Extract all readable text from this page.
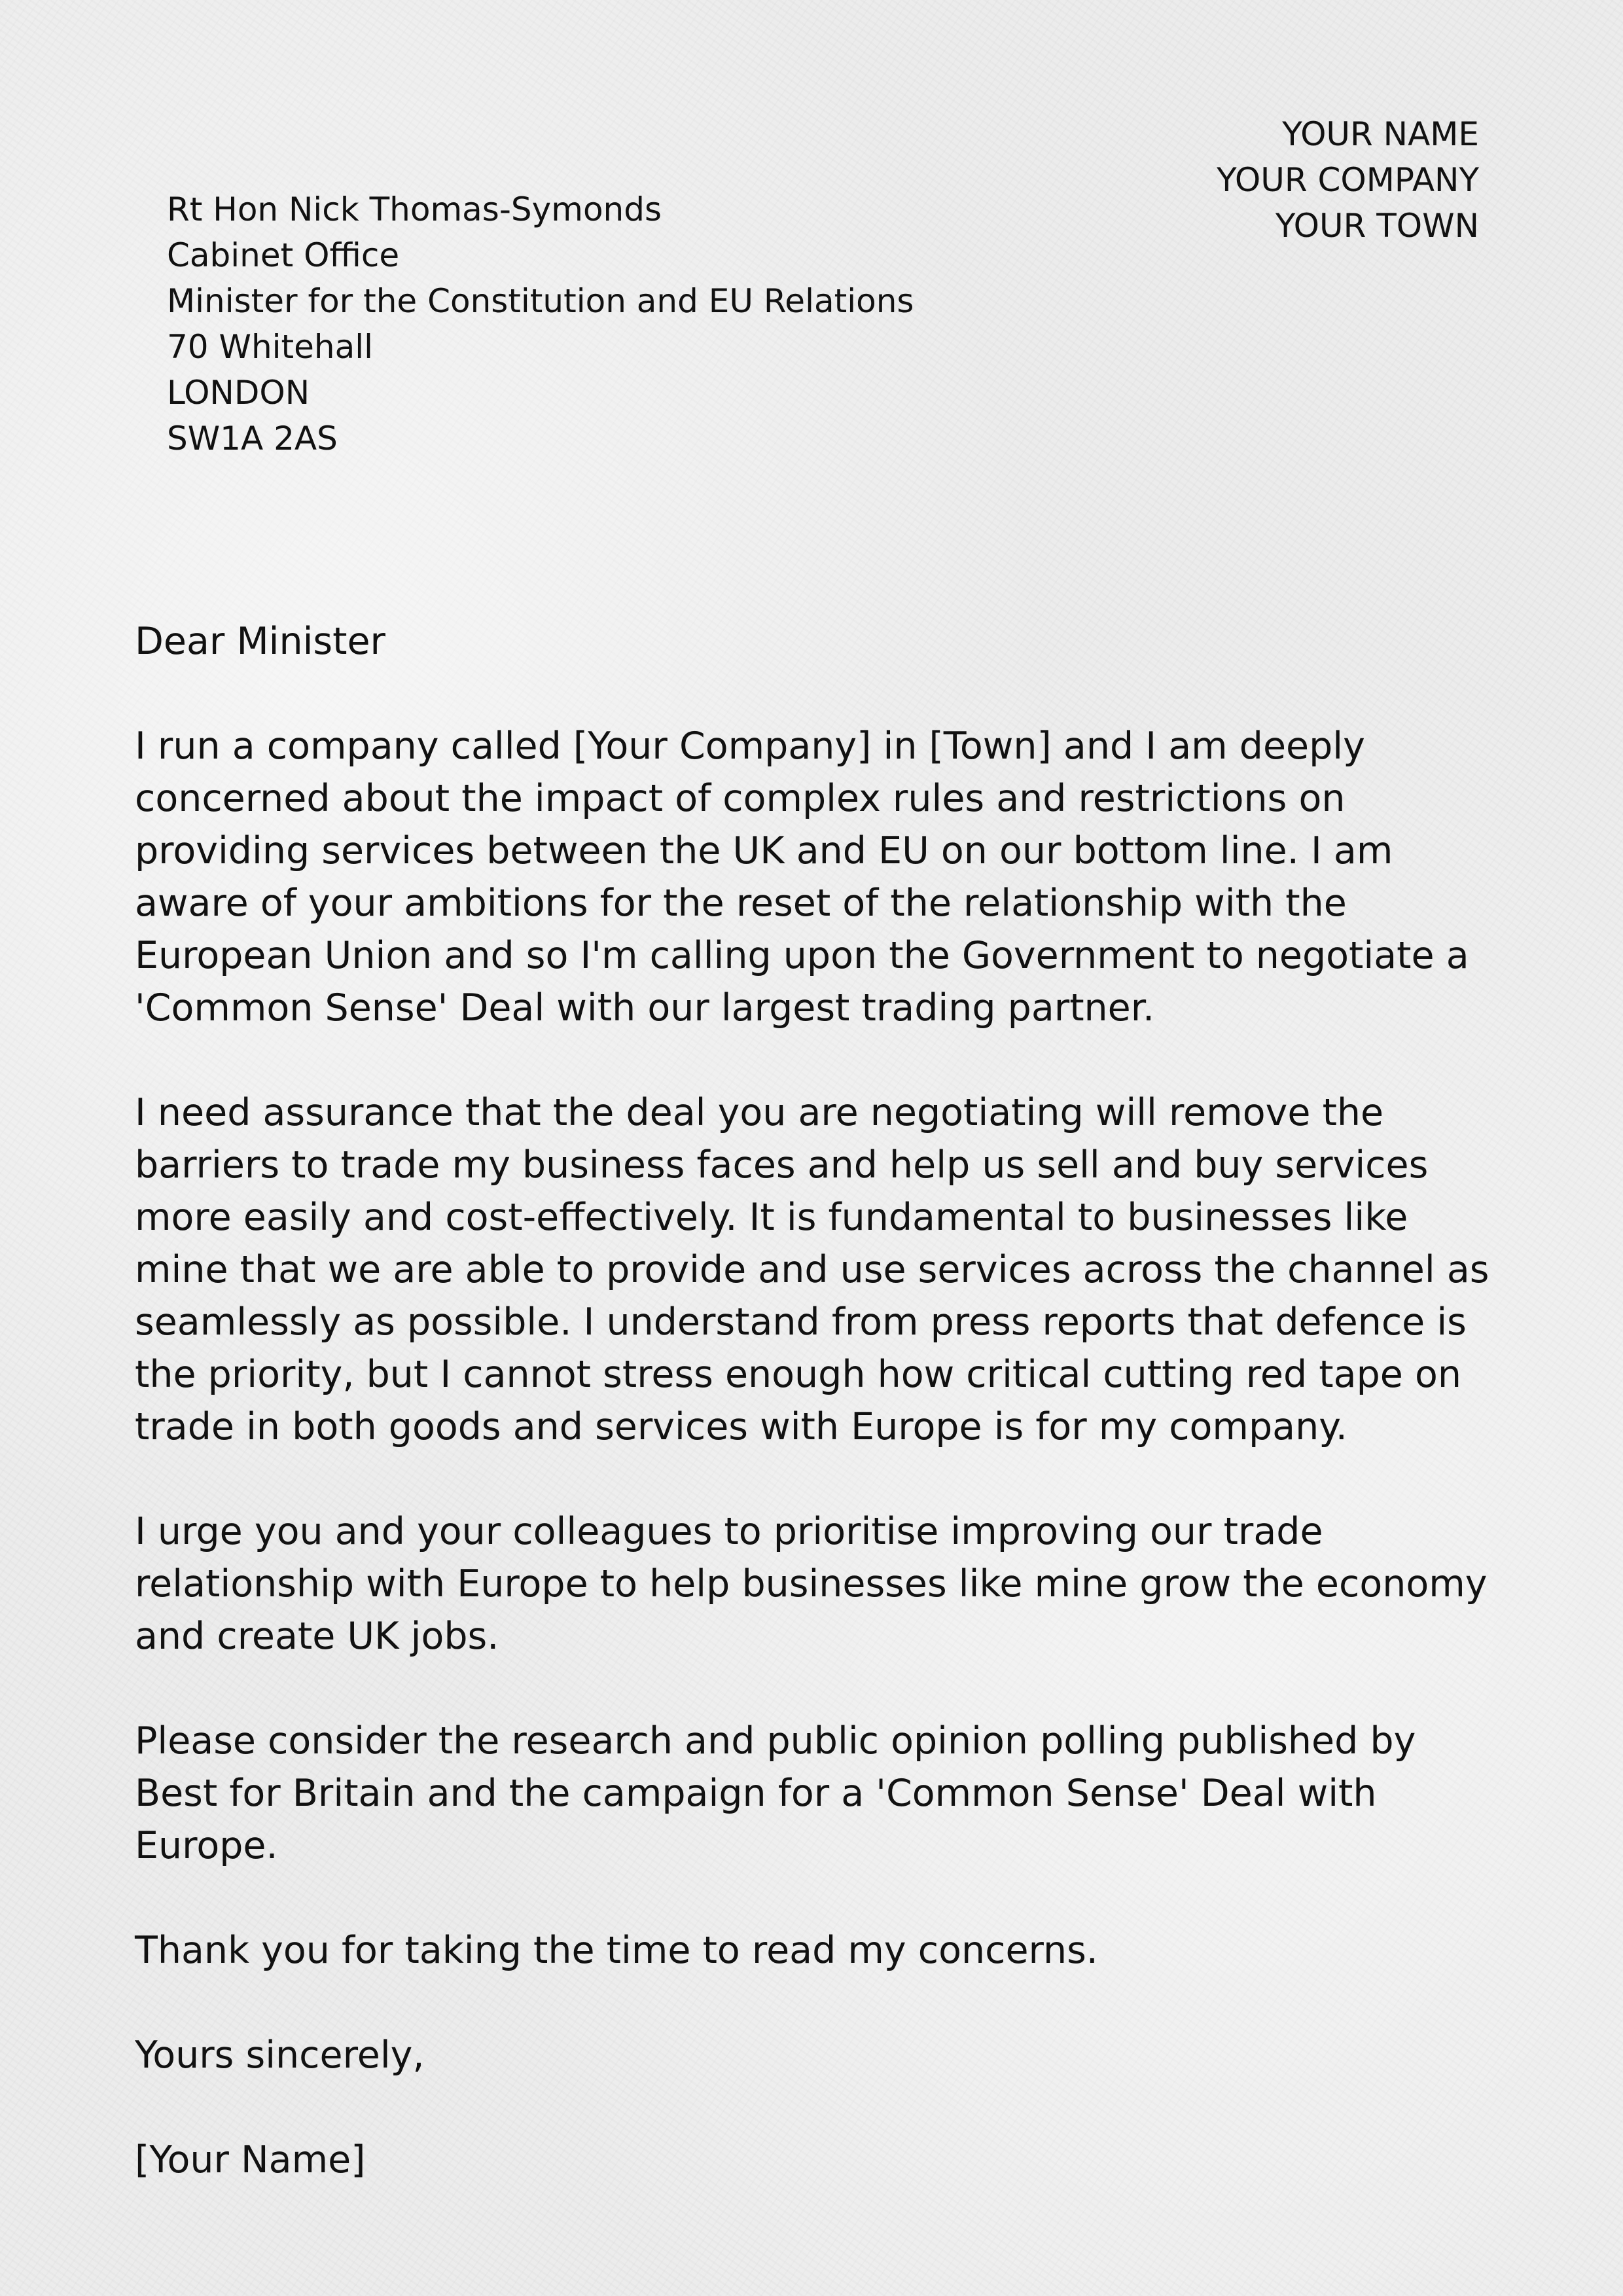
YOUR NAME
YOUR COMPANY
YOUR TOWN
Rt Hon Nick Thomas-Symonds
Cabinet Office
Minister for the Constitution and EU Relations
70 Whitehall
LONDON
SW1A 2AS

Dear Minister

I run a company called [Your Company] in [Town] and I am deeply concerned about the impact of complex rules and restrictions on providing services between the UK and EU on our bottom line. I am aware of your ambitions for the reset of the relationship with the European Union and so I'm calling upon the Government to negotiate a 'Common Sense' Deal with our largest trading partner.

I need assurance that the deal you are negotiating will remove the barriers to trade my business faces and help us sell and buy services more easily and cost-effectively. It is fundamental to businesses like mine that we are able to provide and use services across the channel as seamlessly as possible. I understand from press reports that defence is the priority, but I cannot stress enough how critical cutting red tape on trade in both goods and services with Europe is for my company.

I urge you and your colleagues to prioritise improving our trade relationship with Europe to help businesses like mine grow the economy and create UK jobs.

Please consider the research and public opinion polling published by Best for Britain and the campaign for a 'Common Sense' Deal with Europe.

Thank you for taking the time to read my concerns.

Yours sincerely,

[Your Name]
